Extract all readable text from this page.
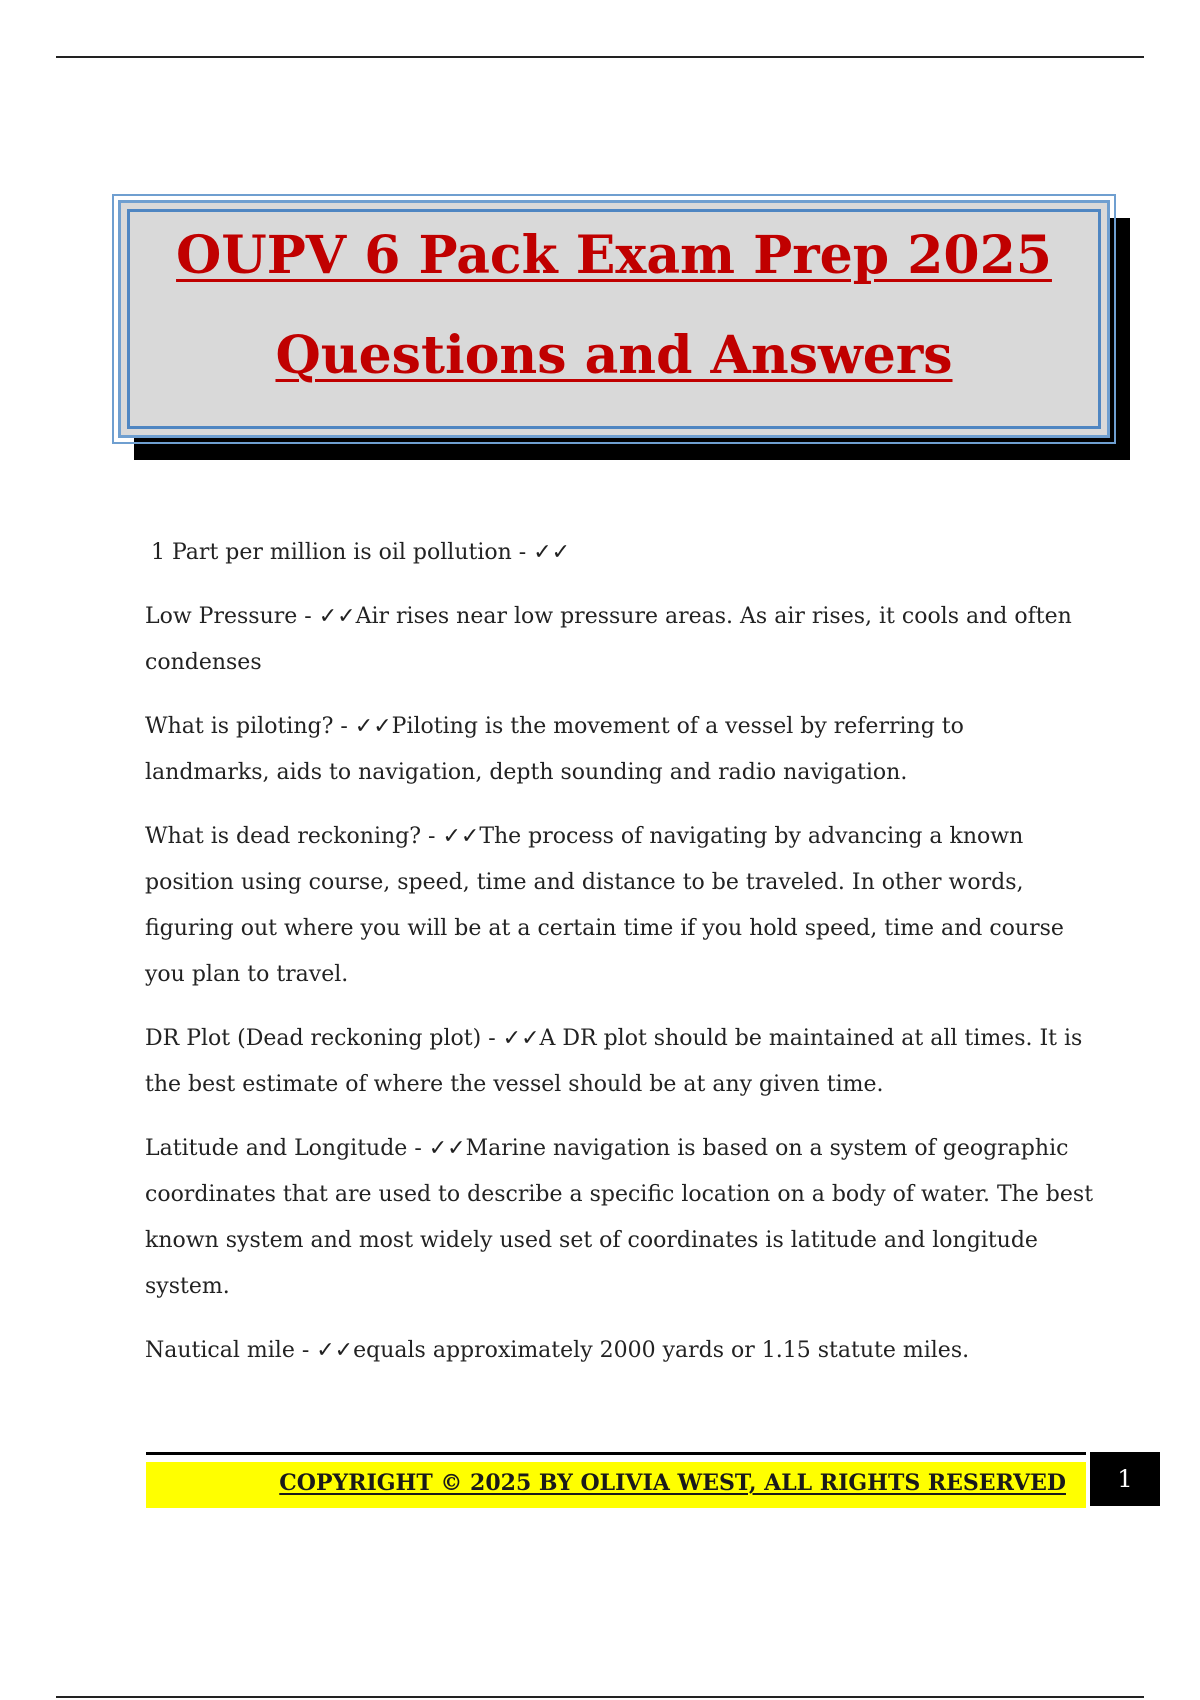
OUPV 6 Pack Exam Prep 2025
Questions and Answers

1 Part per million is oil pollution - ✓✓

Low Pressure - ✓✓Air rises near low pressure areas. As air rises, it cools and often condenses

What is piloting? - ✓✓Piloting is the movement of a vessel by referring to landmarks, aids to navigation, depth sounding and radio navigation.

What is dead reckoning? - ✓✓The process of navigating by advancing a known position using course, speed, time and distance to be traveled. In other words, figuring out where you will be at a certain time if you hold speed, time and course you plan to travel.

DR Plot (Dead reckoning plot) - ✓✓A DR plot should be maintained at all times. It is the best estimate of where the vessel should be at any given time.

Latitude and Longitude - ✓✓Marine navigation is based on a system of geographic coordinates that are used to describe a specific location on a body of water. The best known system and most widely used set of coordinates is latitude and longitude system.

Nautical mile - ✓✓equals approximately 2000 yards or 1.15 statute miles.

COPYRIGHT © 2025 BY OLIVIA WEST, ALL RIGHTS RESERVED	1
